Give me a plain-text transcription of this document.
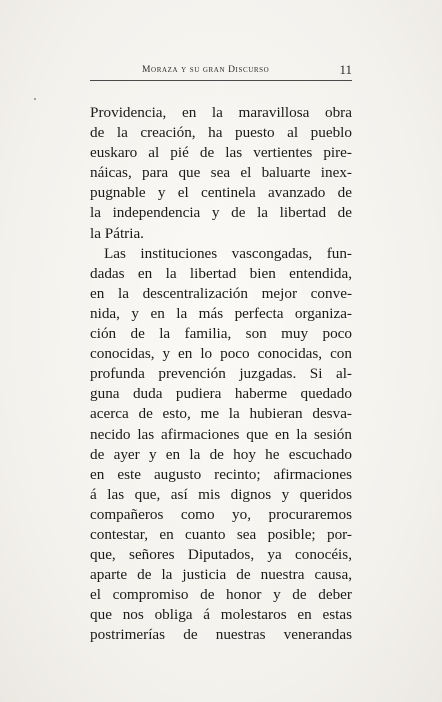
Moraza y su gran Discurso	11
Providencia, en la maravillosa obra
de la creación, ha puesto al pueblo
euskaro al pié de las vertientes pire-
náicas, para que sea el baluarte inex-
pugnable y el centinela avanzado de
la independencia y de la libertad de
la Pátria.
Las instituciones vascongadas, fun-
dadas en la libertad bien entendida,
en la descentralización mejor conve-
nida, y en la más perfecta organiza-
ción de la familia, son muy poco
conocidas, y en lo poco conocidas, con
profunda prevención juzgadas. Si al-
guna duda pudiera haberme quedado
acerca de esto, me la hubieran desva-
necido las afirmaciones que en la sesión
de ayer y en la de hoy he escuchado
en este augusto recinto; afirmaciones
á las que, así mis dignos y queridos
compañeros como yo, procuraremos
contestar, en cuanto sea posible; por-
que, señores Diputados, ya conocéis,
aparte de la justicia de nuestra causa,
el compromiso de honor y de deber
que nos obliga á molestaros en estas
postrimerías de nuestras venerandas
